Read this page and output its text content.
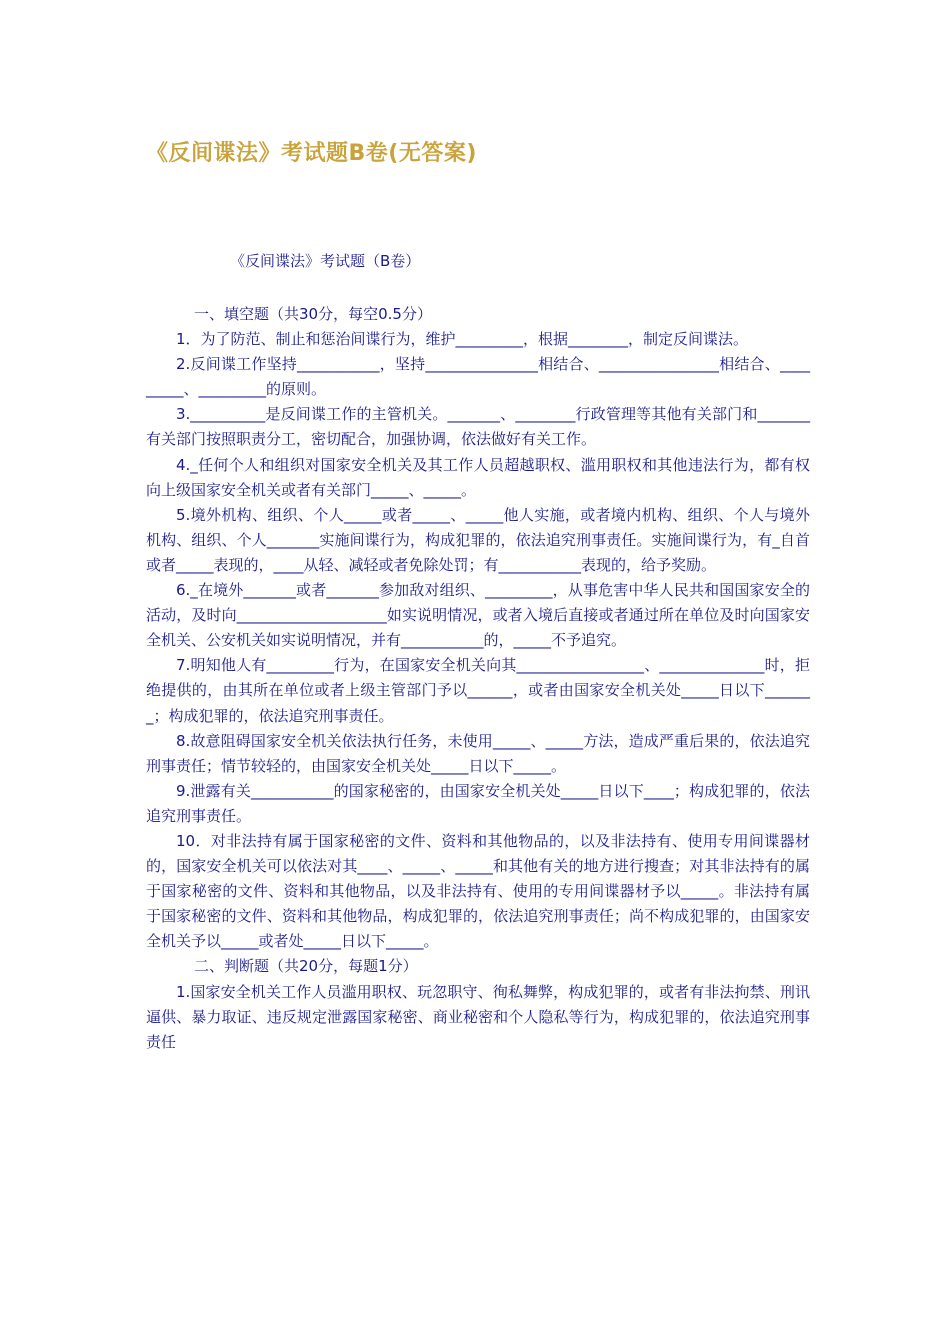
《反间谍法》考试题B卷(无答案)

《反间谍法》考试题（B卷）

一、填空题（共30分，每空0.5分）

1．为了防范、制止和惩治间谍行为，维护_________，根据________，制定反间谍法。

2.反间谍工作坚持___________，坚持_______________相结合、________________相结合、_________、_________的原则。

3.__________是反间谍工作的主管机关。_______、________行政管理等其他有关部门和_______有关部门按照职责分工，密切配合，加强协调，依法做好有关工作。

4._任何个人和组织对国家安全机关及其工作人员超越职权、滥用职权和其他违法行为，都有权向上级国家安全机关或者有关部门_____、_____。

5.境外机构、组织、个人_____或者_____、_____他人实施，或者境内机构、组织、个人与境外机构、组织、个人_______实施间谍行为，构成犯罪的，依法追究刑事责任。实施间谍行为，有_自首或者_____表现的，____从轻、减轻或者免除处罚；有___________表现的，给予奖励。

6._在境外_______或者_______参加敌对组织、_________，从事危害中华人民共和国国家安全的活动，及时向____________________如实说明情况，或者入境后直接或者通过所在单位及时向国家安全机关、公安机关如实说明情况，并有___________的，_____不予追究。

7.明知他人有_________行为，在国家安全机关向其_________________、______________时，拒绝提供的，由其所在单位或者上级主管部门予以______，或者由国家安全机关处_____日以下_______；构成犯罪的，依法追究刑事责任。

8.故意阻碍国家安全机关依法执行任务，未使用_____、_____方法，造成严重后果的，依法追究刑事责任；情节较轻的，由国家安全机关处_____日以下_____。

9.泄露有关___________的国家秘密的，由国家安全机关处_____日以下____；构成犯罪的，依法追究刑事责任。

10．对非法持有属于国家秘密的文件、资料和其他物品的，以及非法持有、使用专用间谍器材的，国家安全机关可以依法对其____、_____、_____和其他有关的地方进行搜查；对其非法持有的属于国家秘密的文件、资料和其他物品，以及非法持有、使用的专用间谍器材予以_____。非法持有属于国家秘密的文件、资料和其他物品，构成犯罪的，依法追究刑事责任；尚不构成犯罪的，由国家安全机关予以_____或者处_____日以下_____。

二、判断题（共20分，每题1分）

1.国家安全机关工作人员滥用职权、玩忽职守、徇私舞弊，构成犯罪的，或者有非法拘禁、刑讯逼供、暴力取证、违反规定泄露国家秘密、商业秘密和个人隐私等行为，构成犯罪的，依法追究刑事责任
